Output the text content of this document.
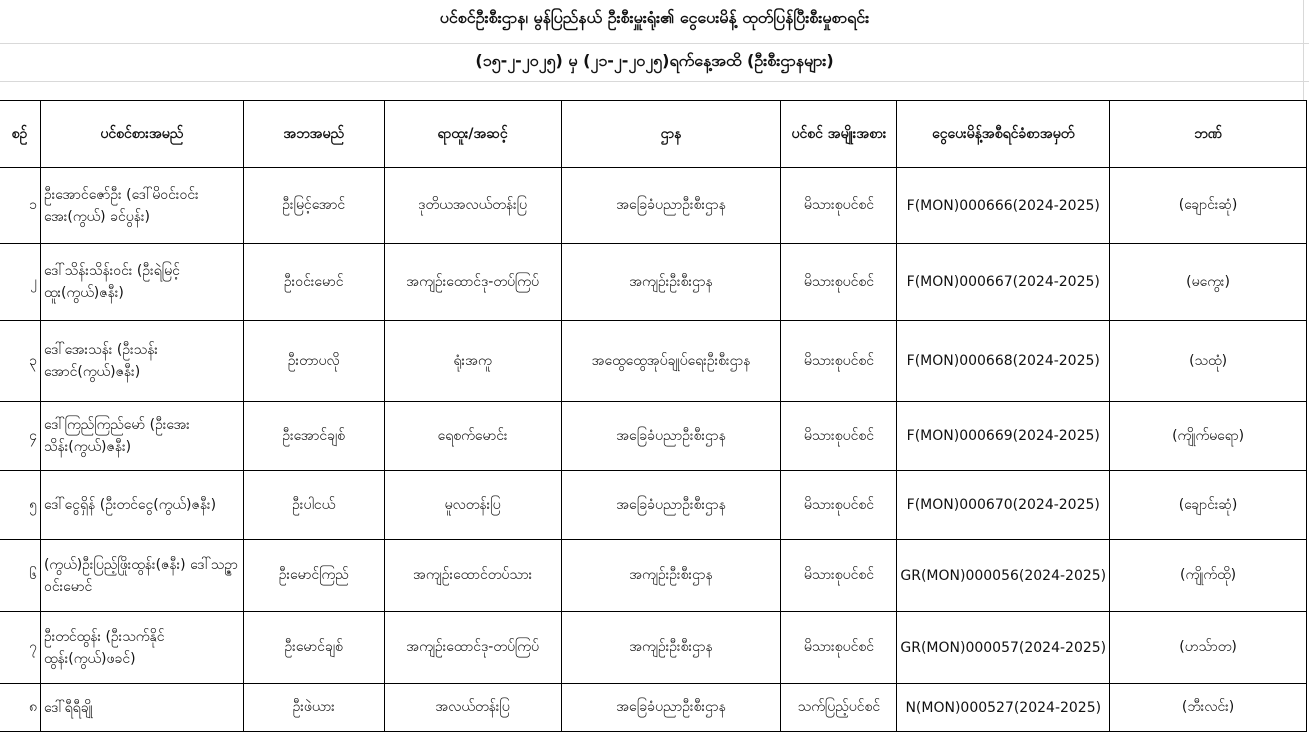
ပင်စင်ဦးစီးဌာန၊ မွန်ပြည်နယ် ဦးစီးမှူးရုံး၏ ငွေပေးမိန့် ထုတ်ပြန်ပြီးစီးမှုစာရင်း
(၁၅-၂-၂၀၂၅) မှ (၂၁-၂-၂၀၂၅)ရက်နေ့အထိ (ဦးစီးဌာနများ)
စဉ်	ပင်စင်စားအမည်	အဘအမည်	ရာထူး/အဆင့်	ဌာန	ပင်စင် အမျိုးအစား	ငွေပေးမိန့်အစီရင်ခံစာအမှတ်	ဘဏ်
၁	ဦးအောင်ဇော်ဦး (ဒေါ်မိဝင်းဝင်းအေး(ကွယ်) ခင်ပွန်း)	ဦးမြင့်အောင်	ဒုတိယအလယ်တန်းပြ	အခြေခံပညာဦးစီးဌာန	မိသားစုပင်စင်	F(MON)000666(2024-2025)	(ချောင်းဆုံ)
၂	ဒေါ်သိန်းသိန်းဝင်း (ဦးရဲမြင့်ထူး(ကွယ်)ဇနီး)	ဦးဝင်းမောင်	အကျဉ်းထောင်ဒု-တပ်ကြပ်	အကျဉ်းဦးစီးဌာန	မိသားစုပင်စင်	F(MON)000667(2024-2025)	(မကွေး)
၃	ဒေါ်အေးသန်း (ဦးသန်းအောင်(ကွယ်)ဇနီး)	ဦးတာပလို	ရုံးအကူ	အထွေထွေအုပ်ချုပ်ရေးဦးစီးဌာန	မိသားစုပင်စင်	F(MON)000668(2024-2025)	(သထုံ)
၄	ဒေါ်ကြည်ကြည်မော် (ဦးအေးသိန်း(ကွယ်)ဇနီး)	ဦးအောင်ချစ်	ရေစက်မောင်း	အခြေခံပညာဦးစီးဌာန	မိသားစုပင်စင်	F(MON)000669(2024-2025)	(ကျိုက်မရော)
၅	ဒေါ်ငွေရှိန် (ဦးတင်ငွေ(ကွယ်)ဇနီး)	ဦးပါငယ်	မူလတန်းပြ	အခြေခံပညာဦးစီးဌာန	မိသားစုပင်စင်	F(MON)000670(2024-2025)	(ချောင်းဆုံ)
၆	(ကွယ်)ဦးပြည့်ဖြိုးထွန်း(ဇနီး) ဒေါ်သဉ္ဇာဝင်းမောင်	ဦးမောင်ကြည်	အကျဉ်းထောင်တပ်သား	အကျဉ်းဦးစီးဌာန	မိသားစုပင်စင်	GR(MON)000056(2024-2025)	(ကျိုက်ထို)
၇	ဦးတင်ထွန်း (ဦးသက်နိုင်ထွန်း(ကွယ်)ဖခင်)	ဦးမောင်ချစ်	အကျဉ်းထောင်ဒု-တပ်ကြပ်	အကျဉ်းဦးစီးဌာန	မိသားစုပင်စင်	GR(MON)000057(2024-2025)	(ဟသ်ာတ)
၈	ဒေါ်ရီရီချို	ဦးဖဲယား	အလယ်တန်းပြ	အခြေခံပညာဦးစီးဌာန	သက်ပြည့်ပင်စင်	N(MON)000527(2024-2025)	(ဘီးလင်း)
